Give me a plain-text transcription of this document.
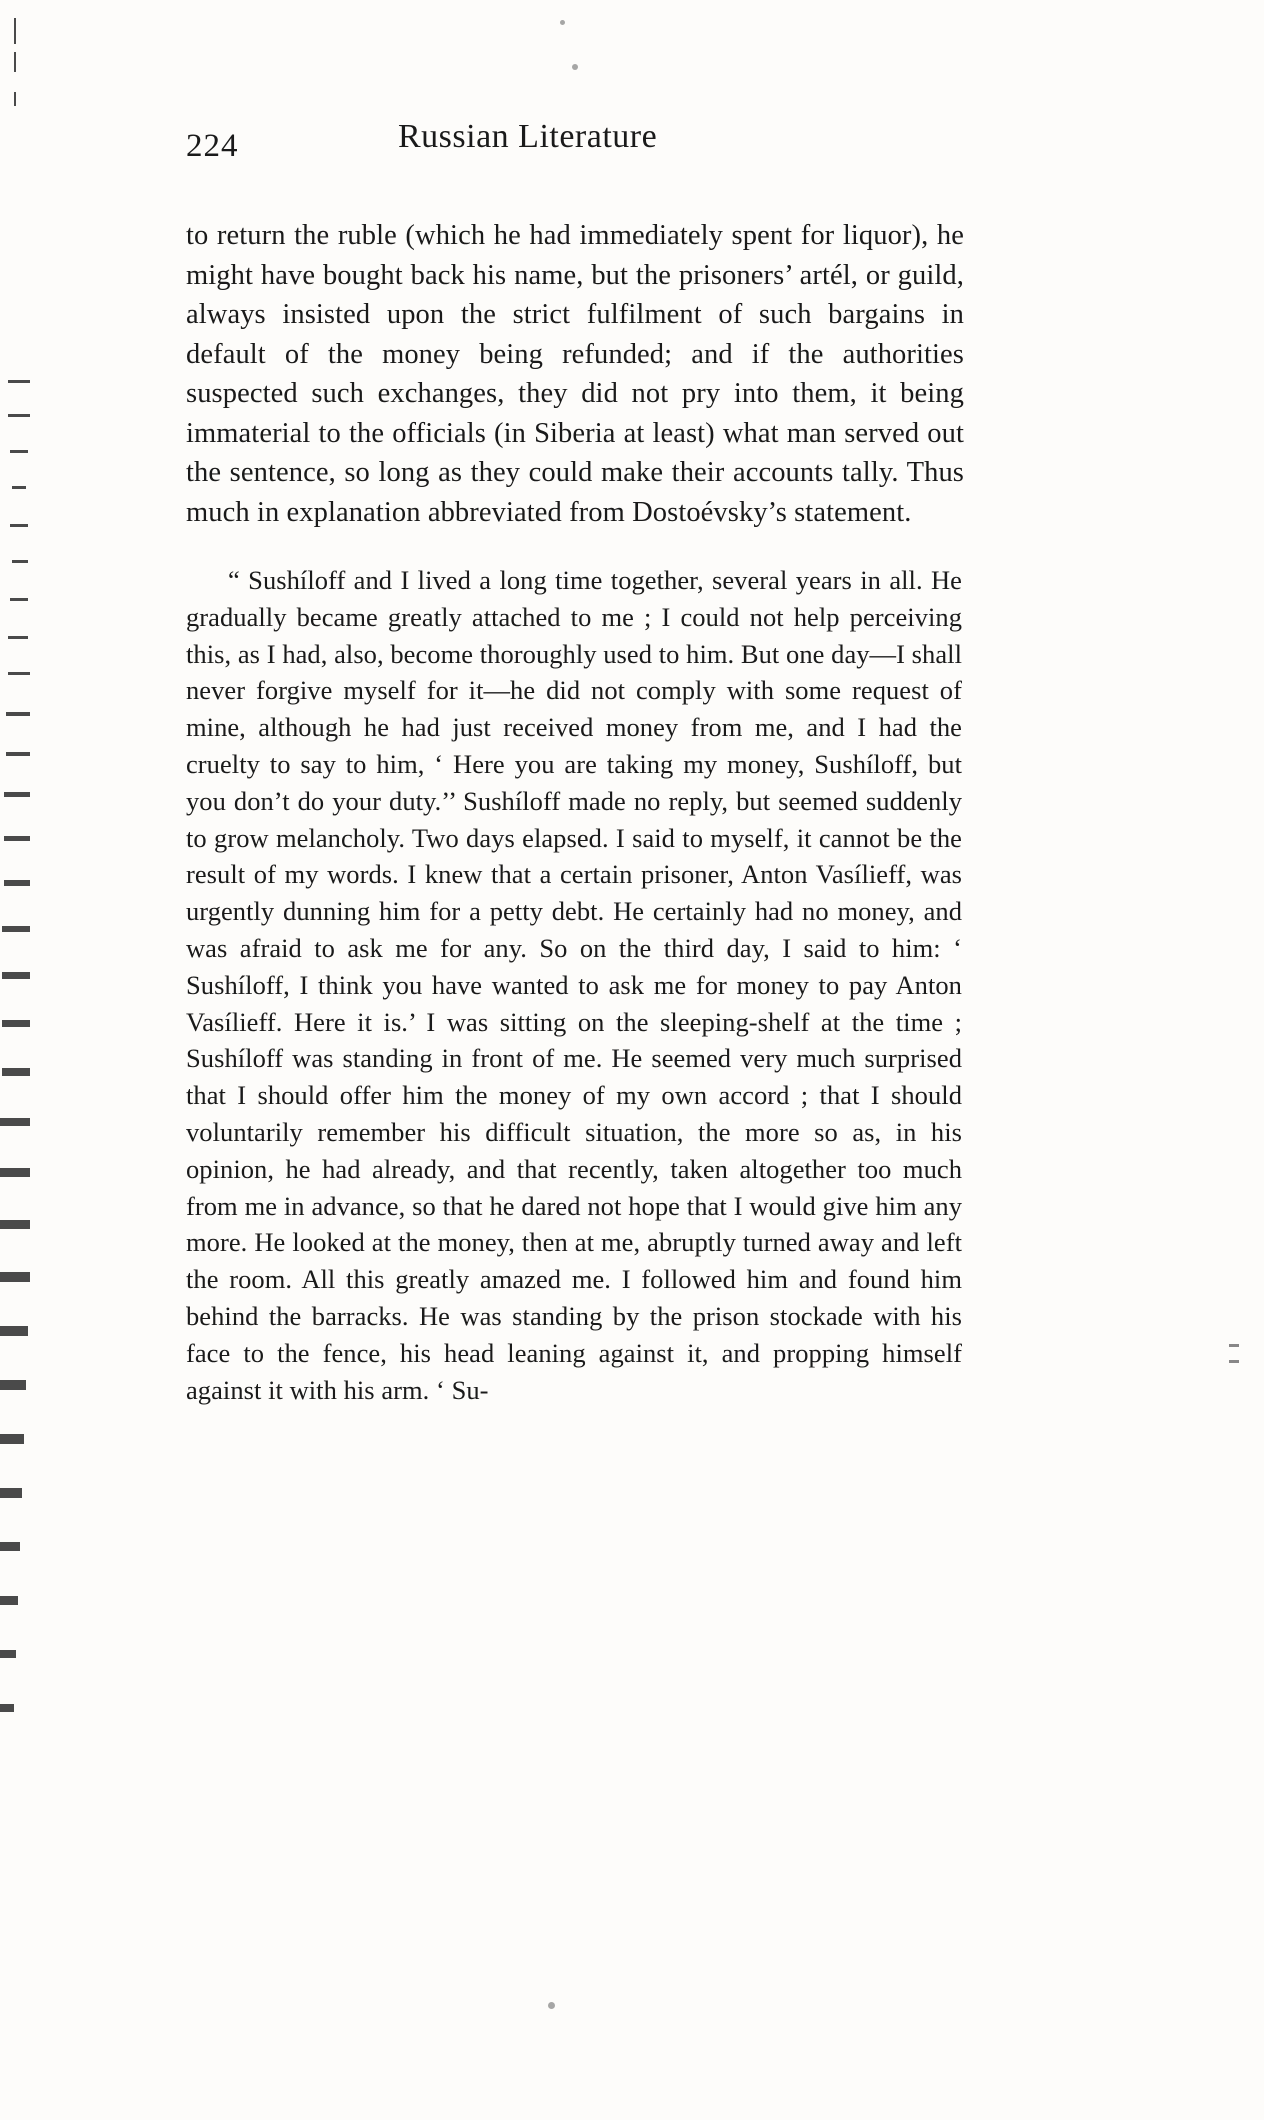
224	Russian Literature

to return the ruble (which he had immediately spent for liquor), he might have bought back his name, but the prisoners’ artél, or guild, always insisted upon the strict fulfilment of such bargains in default of the money being refunded; and if the authorities suspected such exchanges, they did not pry into them, it being immaterial to the officials (in Siberia at least) what man served out the sentence, so long as they could make their accounts tally. Thus much in explanation abbreviated from Dostoévsky’s statement.

“ Sushíloff and I lived a long time together, several years in all. He gradually became greatly attached to me ; I could not help perceiving this, as I had, also, become thoroughly used to him. But one day—I shall never forgive myself for it—he did not comply with some request of mine, although he had just received money from me, and I had the cruelty to say to him, ‘ Here you are taking my money, Sushíloff, but you don’t do your duty.’’ Sushíloff made no reply, but seemed suddenly to grow melancholy. Two days elapsed. I said to myself, it cannot be the result of my words. I knew that a certain prisoner, Anton Vasílieff, was urgently dunning him for a petty debt. He certainly had no money, and was afraid to ask me for any. So on the third day, I said to him: ‘ Sushíloff, I think you have wanted to ask me for money to pay Anton Vasílieff. Here it is.’ I was sitting on the sleeping-shelf at the time ; Sushíloff was standing in front of me. He seemed very much surprised that I should offer him the money of my own accord ; that I should voluntarily remember his difficult situation, the more so as, in his opinion, he had already, and that recently, taken altogether too much from me in advance, so that he dared not hope that I would give him any more. He looked at the money, then at me, abruptly turned away and left the room. All this greatly amazed me. I followed him and found him behind the barracks. He was standing by the prison stockade with his face to the fence, his head leaning against it, and propping himself against it with his arm. ‘ Su-
